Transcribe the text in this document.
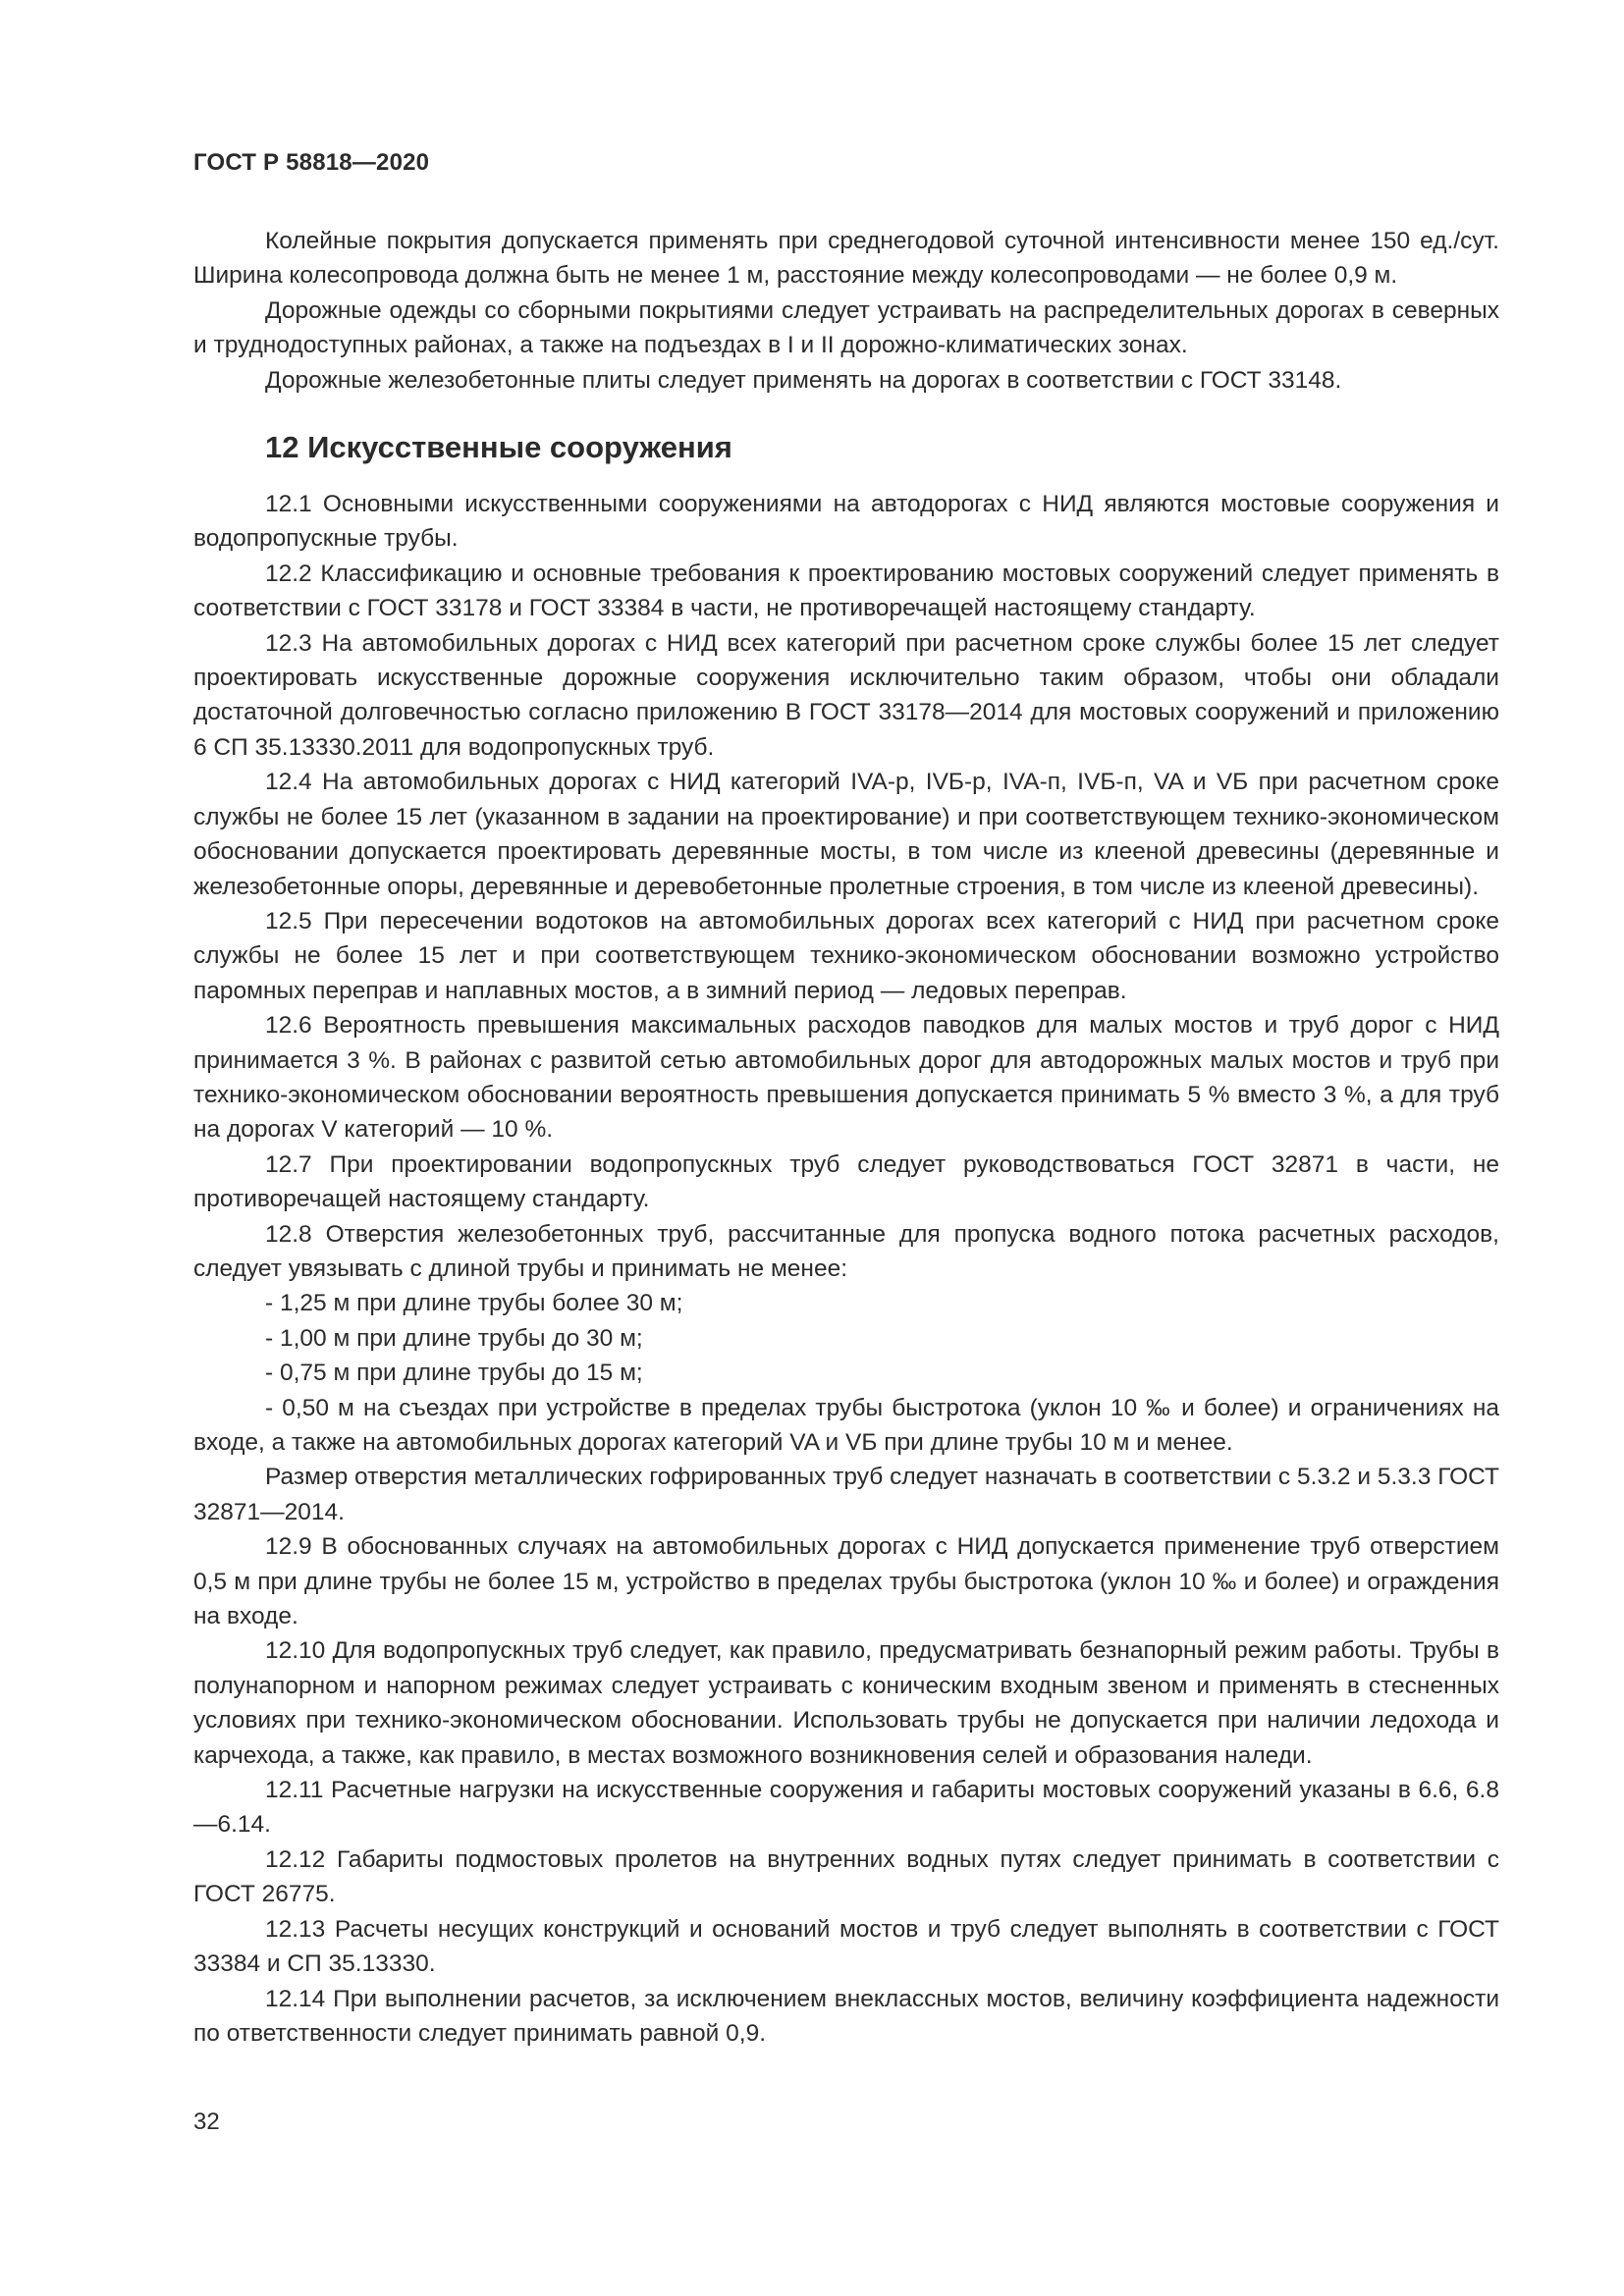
ГОСТ Р 58818—2020

Колейные покрытия допускается применять при среднегодовой суточной интенсивности менее 150 ед./сут. Ширина колесопровода должна быть не менее 1 м, расстояние между колесопроводами — не более 0,9 м.

Дорожные одежды со сборными покрытиями следует устраивать на распределительных дорогах в северных и труднодоступных районах, а также на подъездах в I и II дорожно-климатических зонах.

Дорожные железобетонные плиты следует применять на дорогах в соответствии с ГОСТ 33148.

12 Искусственные сооружения

12.1 Основными искусственными сооружениями на автодорогах с НИД являются мостовые сооружения и водопропускные трубы.

12.2 Классификацию и основные требования к проектированию мостовых сооружений следует применять в соответствии с ГОСТ 33178 и ГОСТ 33384 в части, не противоречащей настоящему стандарту.

12.3 На автомобильных дорогах с НИД всех категорий при расчетном сроке службы более 15 лет следует проектировать искусственные дорожные сооружения исключительно таким образом, чтобы они обладали достаточной долговечностью согласно приложению В ГОСТ 33178—2014 для мостовых сооружений и приложению 6 СП 35.13330.2011 для водопропускных труб.

12.4 На автомобильных дорогах с НИД категорий IVA-р, IVБ-р, IVA-п, IVБ-п, VA и VБ при расчетном сроке службы не более 15 лет (указанном в задании на проектирование) и при соответствующем технико-экономическом обосновании допускается проектировать деревянные мосты, в том числе из клееной древесины (деревянные и железобетонные опоры, деревянные и деревобетонные пролетные строения, в том числе из клееной древесины).

12.5 При пересечении водотоков на автомобильных дорогах всех категорий с НИД при расчетном сроке службы не более 15 лет и при соответствующем технико-экономическом обосновании возможно устройство паромных переправ и наплавных мостов, а в зимний период — ледовых переправ.

12.6 Вероятность превышения максимальных расходов паводков для малых мостов и труб дорог с НИД принимается 3 %. В районах с развитой сетью автомобильных дорог для автодорожных малых мостов и труб при технико-экономическом обосновании вероятность превышения допускается принимать 5 % вместо 3 %, а для труб на дорогах V категорий — 10 %.

12.7 При проектировании водопропускных труб следует руководствоваться ГОСТ 32871 в части, не противоречащей настоящему стандарту.

12.8 Отверстия железобетонных труб, рассчитанные для пропуска водного потока расчетных расходов, следует увязывать с длиной трубы и принимать не менее:

- 1,25 м при длине трубы более 30 м;

- 1,00 м при длине трубы до 30 м;

- 0,75 м при длине трубы до 15 м;

- 0,50 м на съездах при устройстве в пределах трубы быстротока (уклон 10 ‰ и более) и ограничениях на входе, а также на автомобильных дорогах категорий VA и VБ при длине трубы 10 м и менее.

Размер отверстия металлических гофрированных труб следует назначать в соответствии с 5.3.2 и 5.3.3 ГОСТ 32871—2014.

12.9 В обоснованных случаях на автомобильных дорогах с НИД допускается применение труб отверстием 0,5 м при длине трубы не более 15 м, устройство в пределах трубы быстротока (уклон 10 ‰ и более) и ограждения на входе.

12.10 Для водопропускных труб следует, как правило, предусматривать безнапорный режим работы. Трубы в полунапорном и напорном режимах следует устраивать с коническим входным звеном и применять в стесненных условиях при технико-экономическом обосновании. Использовать трубы не допускается при наличии ледохода и карчехода, а также, как правило, в местах возможного возникновения селей и образования наледи.

12.11 Расчетные нагрузки на искусственные сооружения и габариты мостовых сооружений указаны в 6.6, 6.8—6.14.

12.12 Габариты подмостовых пролетов на внутренних водных путях следует принимать в соответствии с ГОСТ 26775.

12.13 Расчеты несущих конструкций и оснований мостов и труб следует выполнять в соответствии с ГОСТ 33384 и СП 35.13330.

12.14 При выполнении расчетов, за исключением внеклассных мостов, величину коэффициента надежности по ответственности следует принимать равной 0,9.

32
